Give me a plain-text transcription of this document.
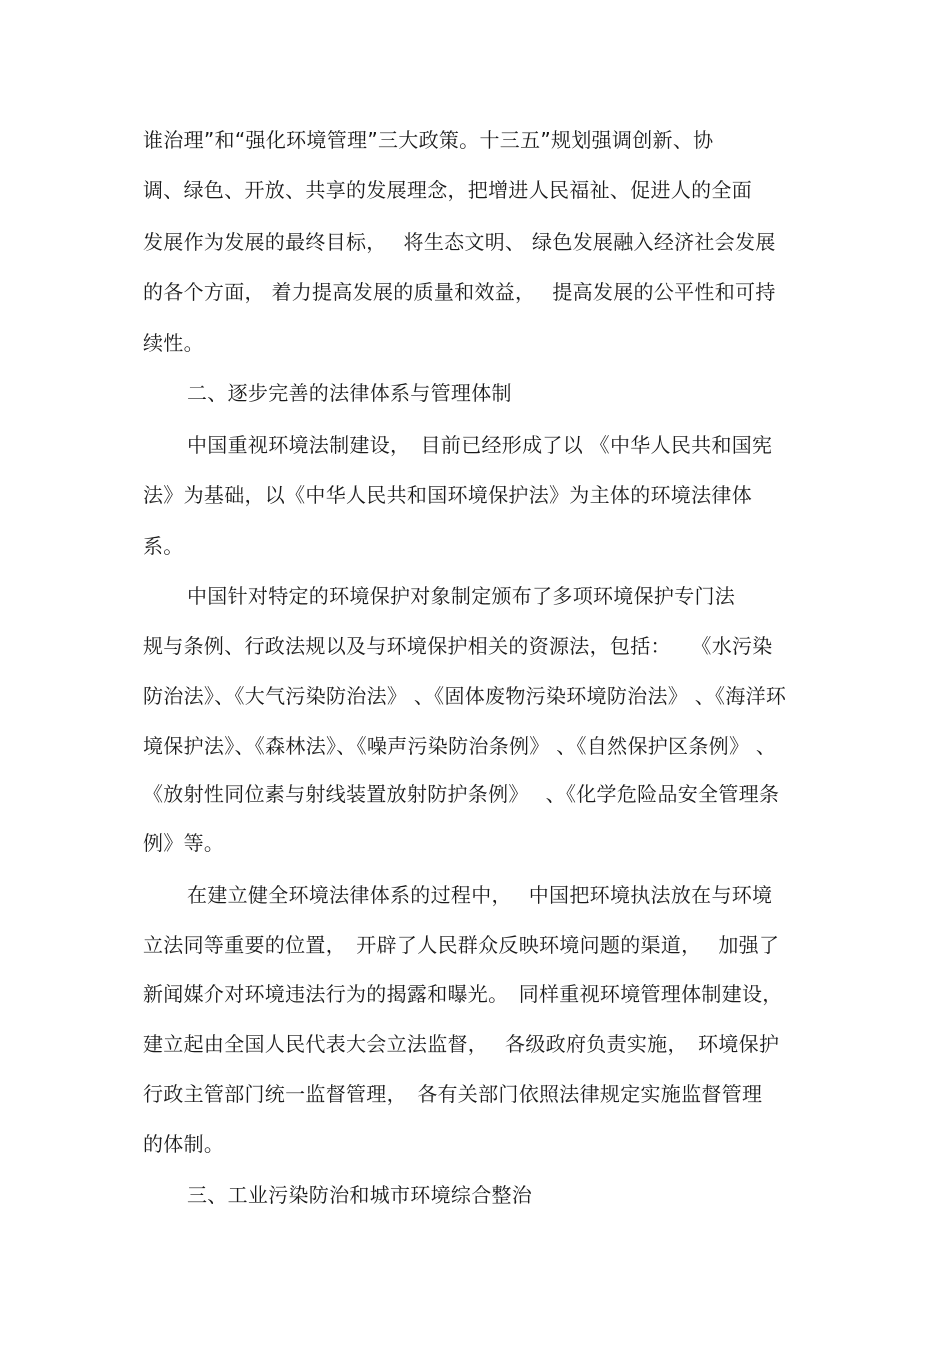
谁治理”和“强化环境管理”三大政策。十三五”规划强调创新、协
调、绿色、开放、共享的发展理念，把增进人民福祉、促进人的全面
发展作为发展的最终目标，　 将生态文明、 绿色发展融入经济社会发展
的各个方面， 着力提高发展的质量和效益，　 提高发展的公平性和可持
续性。
二、逐步完善的法律体系与管理体制
中国重视环境法制建设，　目前已经形成了以 《中华人民共和国宪
法》为基础，以《中华人民共和国环境保护法》为主体的环境法律体
系。
中国针对特定的环境保护对象制定颁布了多项环境保护专门法
规与条例、行政法规以及与环境保护相关的资源法，包括：　　《水污染
防治法》、《大气污染防治法》 、《固体废物污染环境防治法》 、《海洋环
境保护法》、《森林法》、《噪声污染防治条例》 、《自然保护区条例》 、
《放射性同位素与射线装置放射防护条例》　 、《化学危险品安全管理条
例》等。
在建立健全环境法律体系的过程中，　 中国把环境执法放在与环境
立法同等重要的位置，　开辟了人民群众反映环境问题的渠道，　 加强了
新闻媒介对环境违法行为的揭露和曝光。　同样重视环境管理体制建设，
建立起由全国人民代表大会立法监督，　 各级政府负责实施，　环境保护
行政主管部门统一监督管理，　各有关部门依照法律规定实施监督管理
的体制。
三、工业污染防治和城市环境综合整治
